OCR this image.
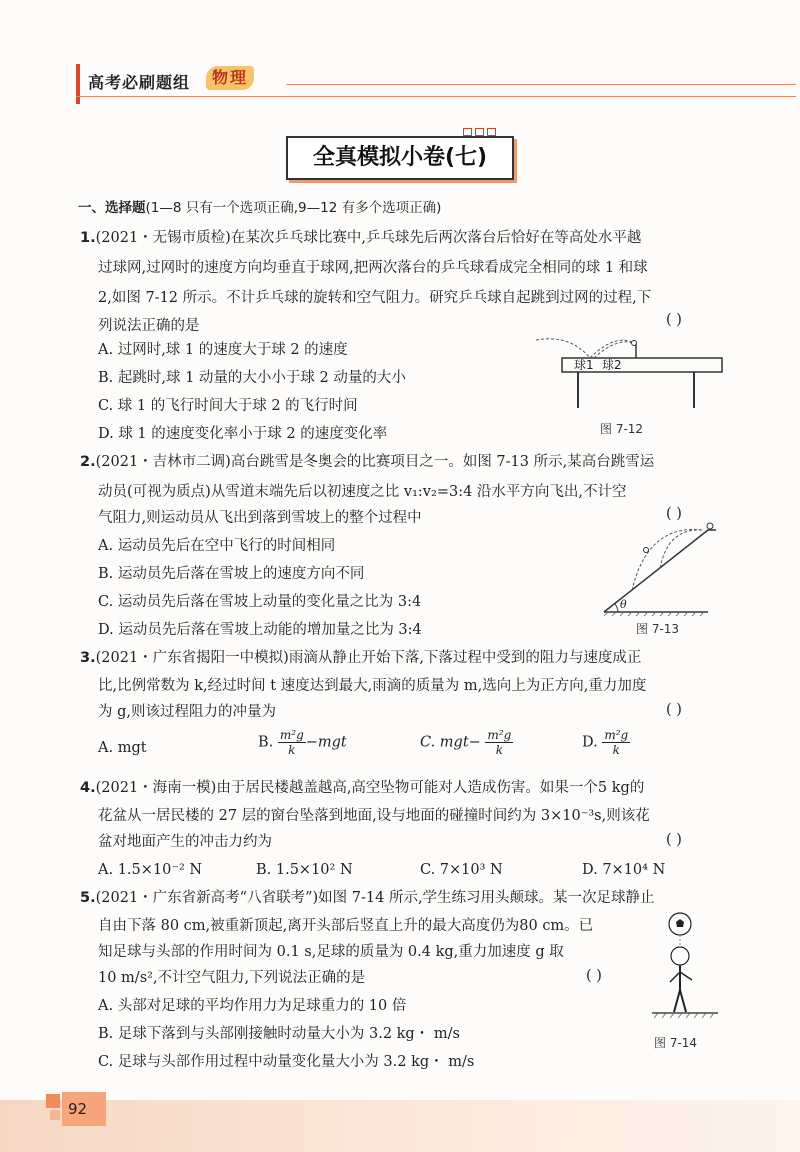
高考必刷题组	物理
全真模拟小卷(七)
一、选择题(1—8 只有一个选项正确,9—12 有多个选项正确)
1.(2021・无锡市质检)在某次乒乓球比赛中,乒乓球先后两次落台后恰好在等高处水平越
过球网,过网时的速度方向均垂直于球网,把两次落台的乒乓球看成完全相同的球 1 和球
2,如图 7-12 所示。不计乒乓球的旋转和空气阻力。研究乒乓球自起跳到过网的过程,下
列说法正确的是	( )
A. 过网时,球 1 的速度大于球 2 的速度
B. 起跳时,球 1 动量的大小小于球 2 动量的大小
C. 球 1 的飞行时间大于球 2 的飞行时间
D. 球 1 的速度变化率小于球 2 的速度变化率
2.(2021・吉林市二调)高台跳雪是冬奥会的比赛项目之一。如图 7-13 所示,某高台跳雪运
动员(可视为质点)从雪道末端先后以初速度之比 v₁:v₂=3:4 沿水平方向飞出,不计空
气阻力,则运动员从飞出到落到雪坡上的整个过程中	( )
A. 运动员先后在空中飞行的时间相同
B. 运动员先后落在雪坡上的速度方向不同
C. 运动员先后落在雪坡上动量的变化量之比为 3:4
D. 运动员先后落在雪坡上动能的增加量之比为 3:4
3.(2021・广东省揭阳一中模拟)雨滴从静止开始下落,下落过程中受到的阻力与速度成正
比,比例常数为 k,经过时间 t 速度达到最大,雨滴的质量为 m,选向上为正方向,重力加度
为 g,则该过程阻力的冲量为	( )
A. mgt	B. $\frac{\text{m²g}}{k} -mgt$	C. $mgt- \frac{\text{m²g}}{k}$	D. $\frac{\text{m²g}}{k}$
4.(2021・海南一模)由于居民楼越盖越高,高空坠物可能对人造成伤害。如果一个5 kg的
花盆从一居民楼的 27 层的窗台坠落到地面,设与地面的碰撞时间约为 3×10⁻³s,则该花
盆对地面产生的冲击力约为	( )
A. 1.5×10⁻² N	B. 1.5×10² N	C. 7×10³ N	D. 7×10⁴ N
5.(2021・广东省新高考“八省联考”)如图 7-14 所示,学生练习用头颠球。某一次足球静止
自由下落 80 cm,被重新顶起,离开头部后竖直上升的最大高度仍为80 cm。已
知足球与头部的作用时间为 0.1 s,足球的质量为 0.4 kg,重力加速度 g 取
10 m/s²,不计空气阻力,下列说法正确的是	( )
A. 头部对足球的平均作用力为足球重力的 10 倍
B. 足球下落到与头部刚接触时动量大小为 3.2 kg・ m/s
C. 足球与头部作用过程中动量变化量大小为 3.2 kg・ m/s
球1 球2
图 7-12
θ
图 7-13
图 7-14
92
